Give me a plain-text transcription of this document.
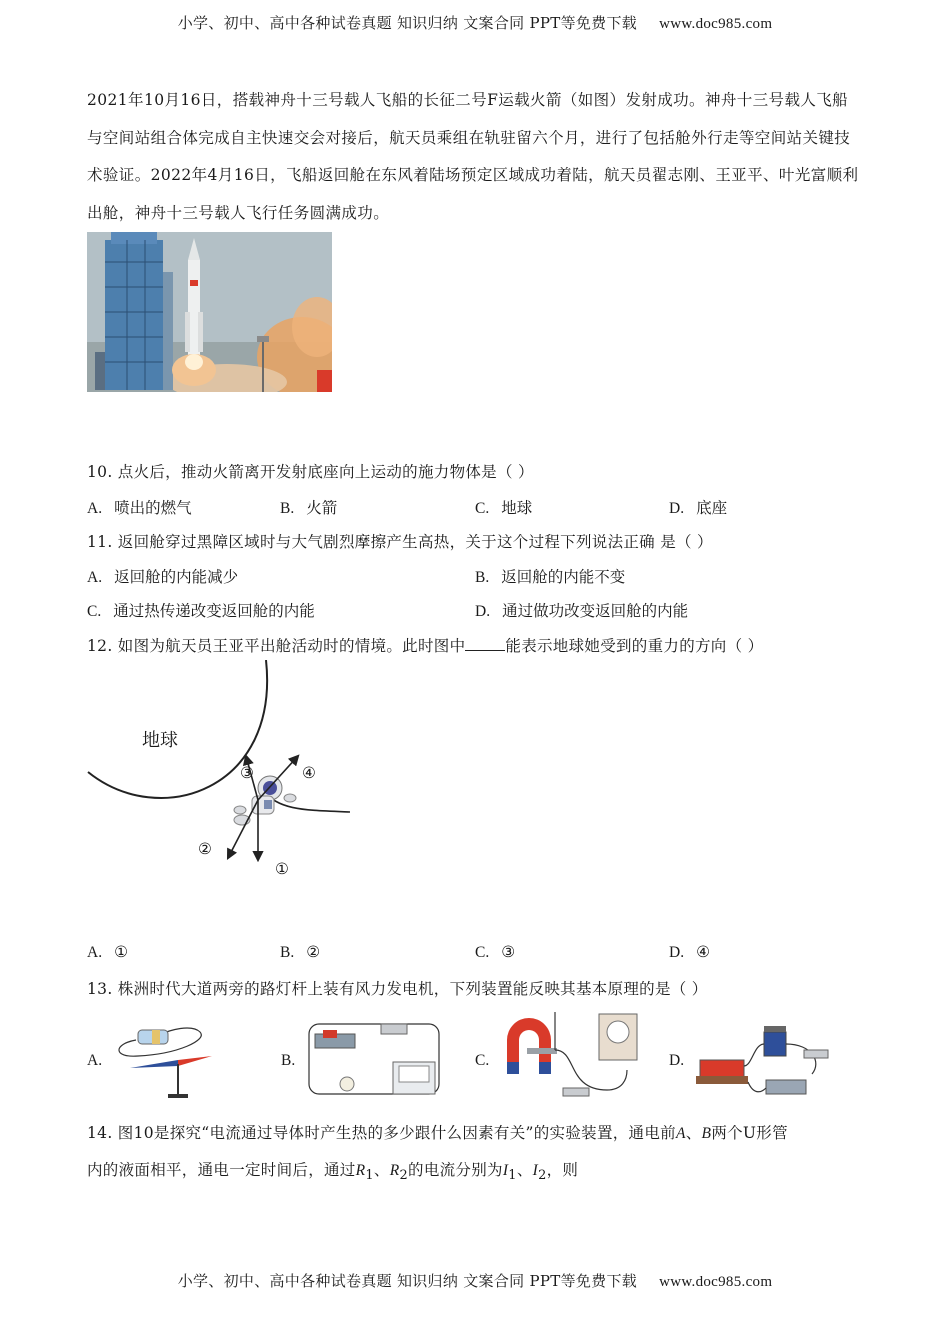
小学、初中、高中各种试卷真题 知识归纳 文案合同 PPT等免费下载 www.doc985.com
2021年10月16日，搭载神舟十三号载人飞船的长征二号F运载火箭（如图）发射成功。神舟十三号载人飞船与空间站组合体完成自主快速交会对接后，航天员乘组在轨驻留六个月，进行了包括舱外行走等空间站关键技术验证。2022年4月16日，飞船返回舱在东风着陆场预定区域成功着陆，航天员翟志刚、王亚平、叶光富顺利出舱，神舟十三号载人飞行任务圆满成功。
10. 点火后，推动火箭离开发射底座向上运动的施力物体是（ ）
A. 喷出的燃气	B. 火箭	C. 地球	D. 底座
11. 返回舱穿过黑障区域时与大气剧烈摩擦产生高热，关于这个过程下列说法正确 是（ ）
A. 返回舱的内能减少	B. 返回舱的内能不变
C. 通过热传递改变返回舱的内能	D. 通过做功改变返回舱的内能
12. 如图为航天员王亚平出舱活动时的情境。此时图中	能表示地球她受到的重力的方向（ ）
地球
①
②
③	④
A. ①	B. ②	C. ③	D. ④
13. 株洲时代大道两旁的路灯杆上装有风力发电机，下列装置能反映其基本原理的是（ ）
A.	B.	C.	D.
14. 图10是探究“电流通过导体时产生热的多少跟什么因素有关”的实验装置，通电前A、B两个U形管
内的液面相平，通电一定时间后，通过$R_1$、$R_2$的电流分别为$I_1$、$I_2$，则
小学、初中、高中各种试卷真题 知识归纳 文案合同 PPT等免费下载 www.doc985.com
